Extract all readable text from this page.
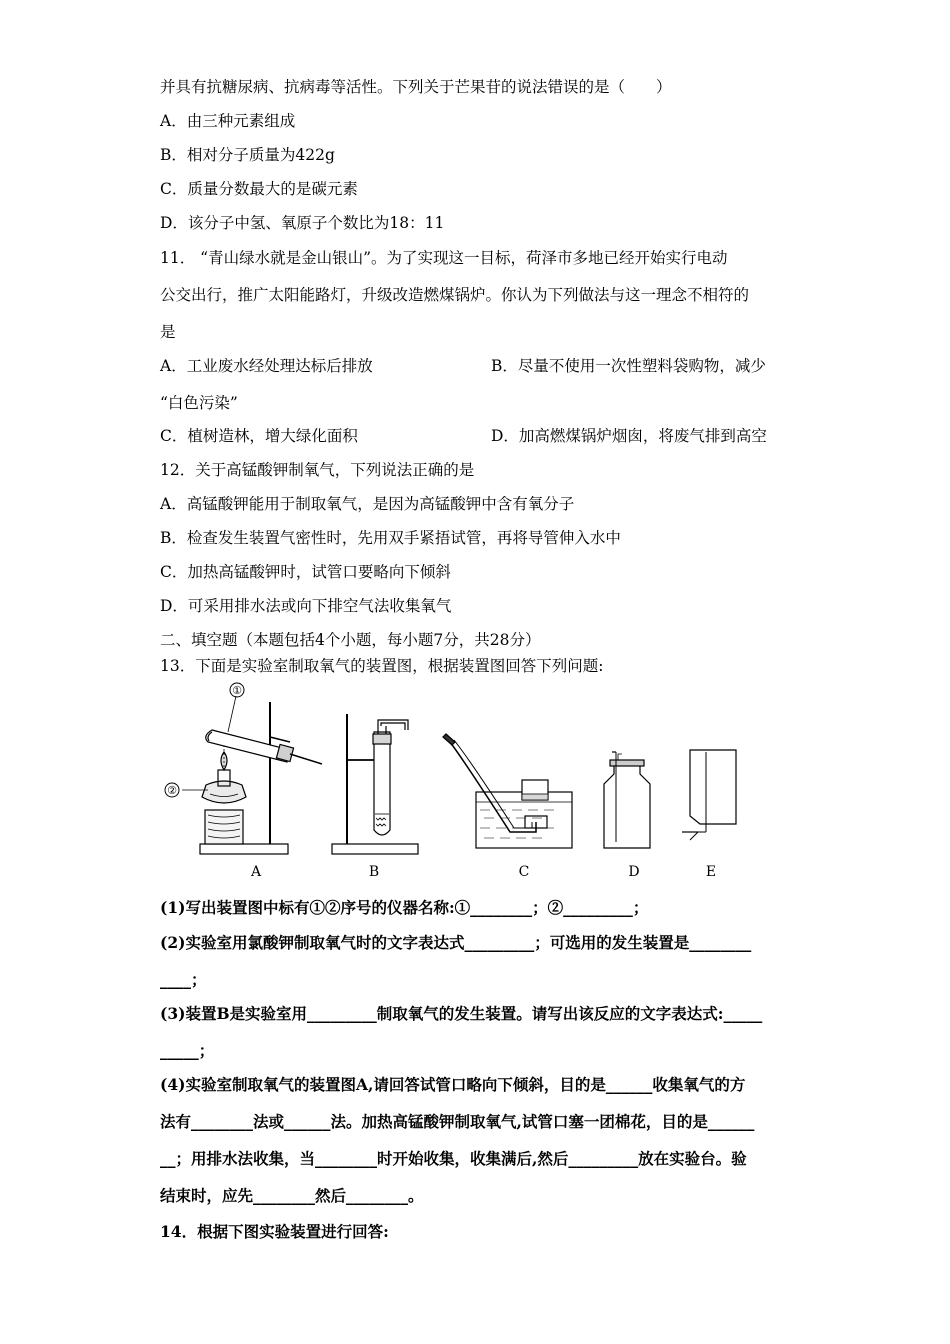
并具有抗糖尿病、抗病毒等活性。下列关于芒果苷的说法错误的是（　　）
A．由三种元素组成
B．相对分子质量为422g
C．质量分数最大的是碳元素
D．该分子中氢、氧原子个数比为18：11
11． “青山绿水就是金山银山”。为了实现这一目标，荷泽市多地已经开始实行电动
公交出行，推广太阳能路灯，升级改造燃煤锅炉。你认为下列做法与这一理念不相符的
是
A．工业废水经处理达标后排放	B．尽量不使用一次性塑料袋购物，减少
“白色污染”
C．植树造林，增大绿化面积	D．加高燃煤锅炉烟囱，将废气排到高空
12．关于高锰酸钾制氧气，下列说法正确的是
A．高锰酸钾能用于制取氧气，是因为高锰酸钾中含有氧分子
B．检查发生装置气密性时，先用双手紧捂试管，再将导管伸入水中
C．加热高锰酸钾时，试管口要略向下倾斜
D．可采用排水法或向下排空气法收集氧气
二、填空题（本题包括4个小题，每小题7分，共28分）
13．下面是实验室制取氧气的装置图，根据装置图回答下列问题:
①
②
A	B	C	D	E
(1)写出装置图中标有①②序号的仪器名称:①________；②_________；
(2)实验室用氯酸钾制取氧气时的文字表达式_________；可选用的发生装置是________
____；
(3)装置B是实验室用_________制取氧气的发生装置。请写出该反应的文字表达式:_____
_____；
(4)实验室制取氧气的装置图A,请回答试管口略向下倾斜，目的是______收集氧气的方
法有________法或______法。加热高锰酸钾制取氧气,试管口塞一团棉花，目的是______
__；用排水法收集，当________时开始收集，收集满后,然后_________放在实验台。验
结束时，应先________然后________。
14．根据下图实验装置进行回答:
